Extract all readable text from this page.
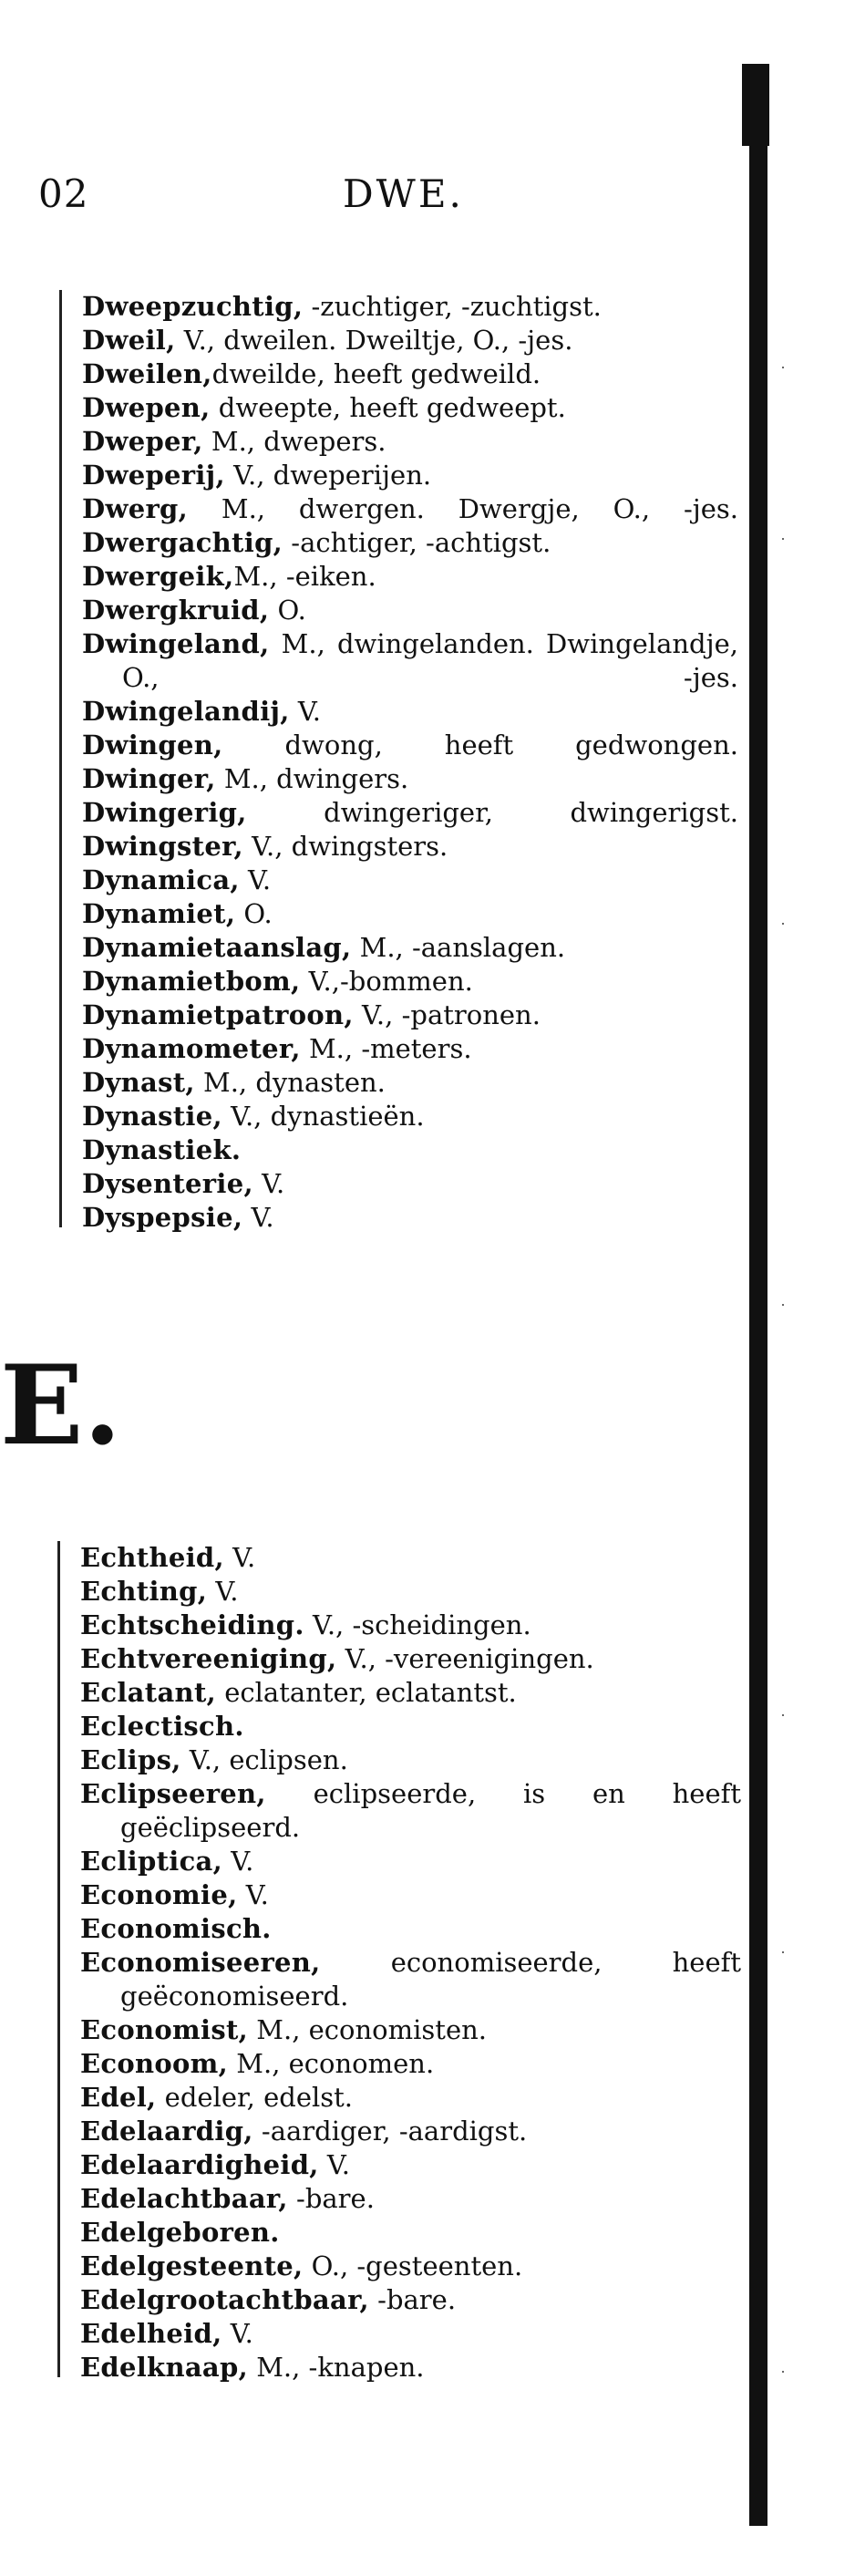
02	DWE.
Dweepzuchtig, -zuchtiger, -zuchtigst.
Dweil, V., dweilen. Dweiltje, O., -jes.
Dweilen,dweilde, heeft gedweild.
Dwepen, dweepte, heeft gedweept.
Dweper, M., dwepers.
Dweperij, V., dweperijen.
Dwerg, M., dwergen. Dwergje, O., -jes.
Dwergachtig, -achtiger, -achtigst.
Dwergeik,M., -eiken.
Dwergkruid, O.
Dwingeland, M., dwingelanden. Dwingelandje, O., -jes.
Dwingelandij, V.
Dwingen, dwong, heeft gedwongen.
Dwinger, M., dwingers.
Dwingerig, dwingeriger, dwingerigst.
Dwingster, V., dwingsters.
Dynamica, V.
Dynamiet, O.
Dynamietaanslag, M., -aanslagen.
Dynamietbom, V.,-bommen.
Dynamietpatroon, V., -patronen.
Dynamometer, M., -meters.
Dynast, M., dynasten.
Dynastie, V., dynastieën.
Dynastiek.
Dysenterie, V.
Dyspepsie, V.
E.
Echtheid, V.
Echting, V.
Echtscheiding. V., -scheidingen.
Echtvereeniging, V., -vereenigingen.
Eclatant, eclatanter, eclatantst.
Eclectisch.
Eclips, V., eclipsen.
Eclipseeren, eclipseerde, is en heeft geëclipseerd.
Ecliptica, V.
Economie, V.
Economisch.
Economiseeren, economiseerde, heeft geëconomiseerd.
Economist, M., economisten.
Econoom, M., economen.
Edel, edeler, edelst.
Edelaardig, -aardiger, -aardigst.
Edelaardigheid, V.
Edelachtbaar, -bare.
Edelgeboren.
Edelgesteente, O., -gesteenten.
Edelgrootachtbaar, -bare.
Edelheid, V.
Edelknaap, M., -knapen.
